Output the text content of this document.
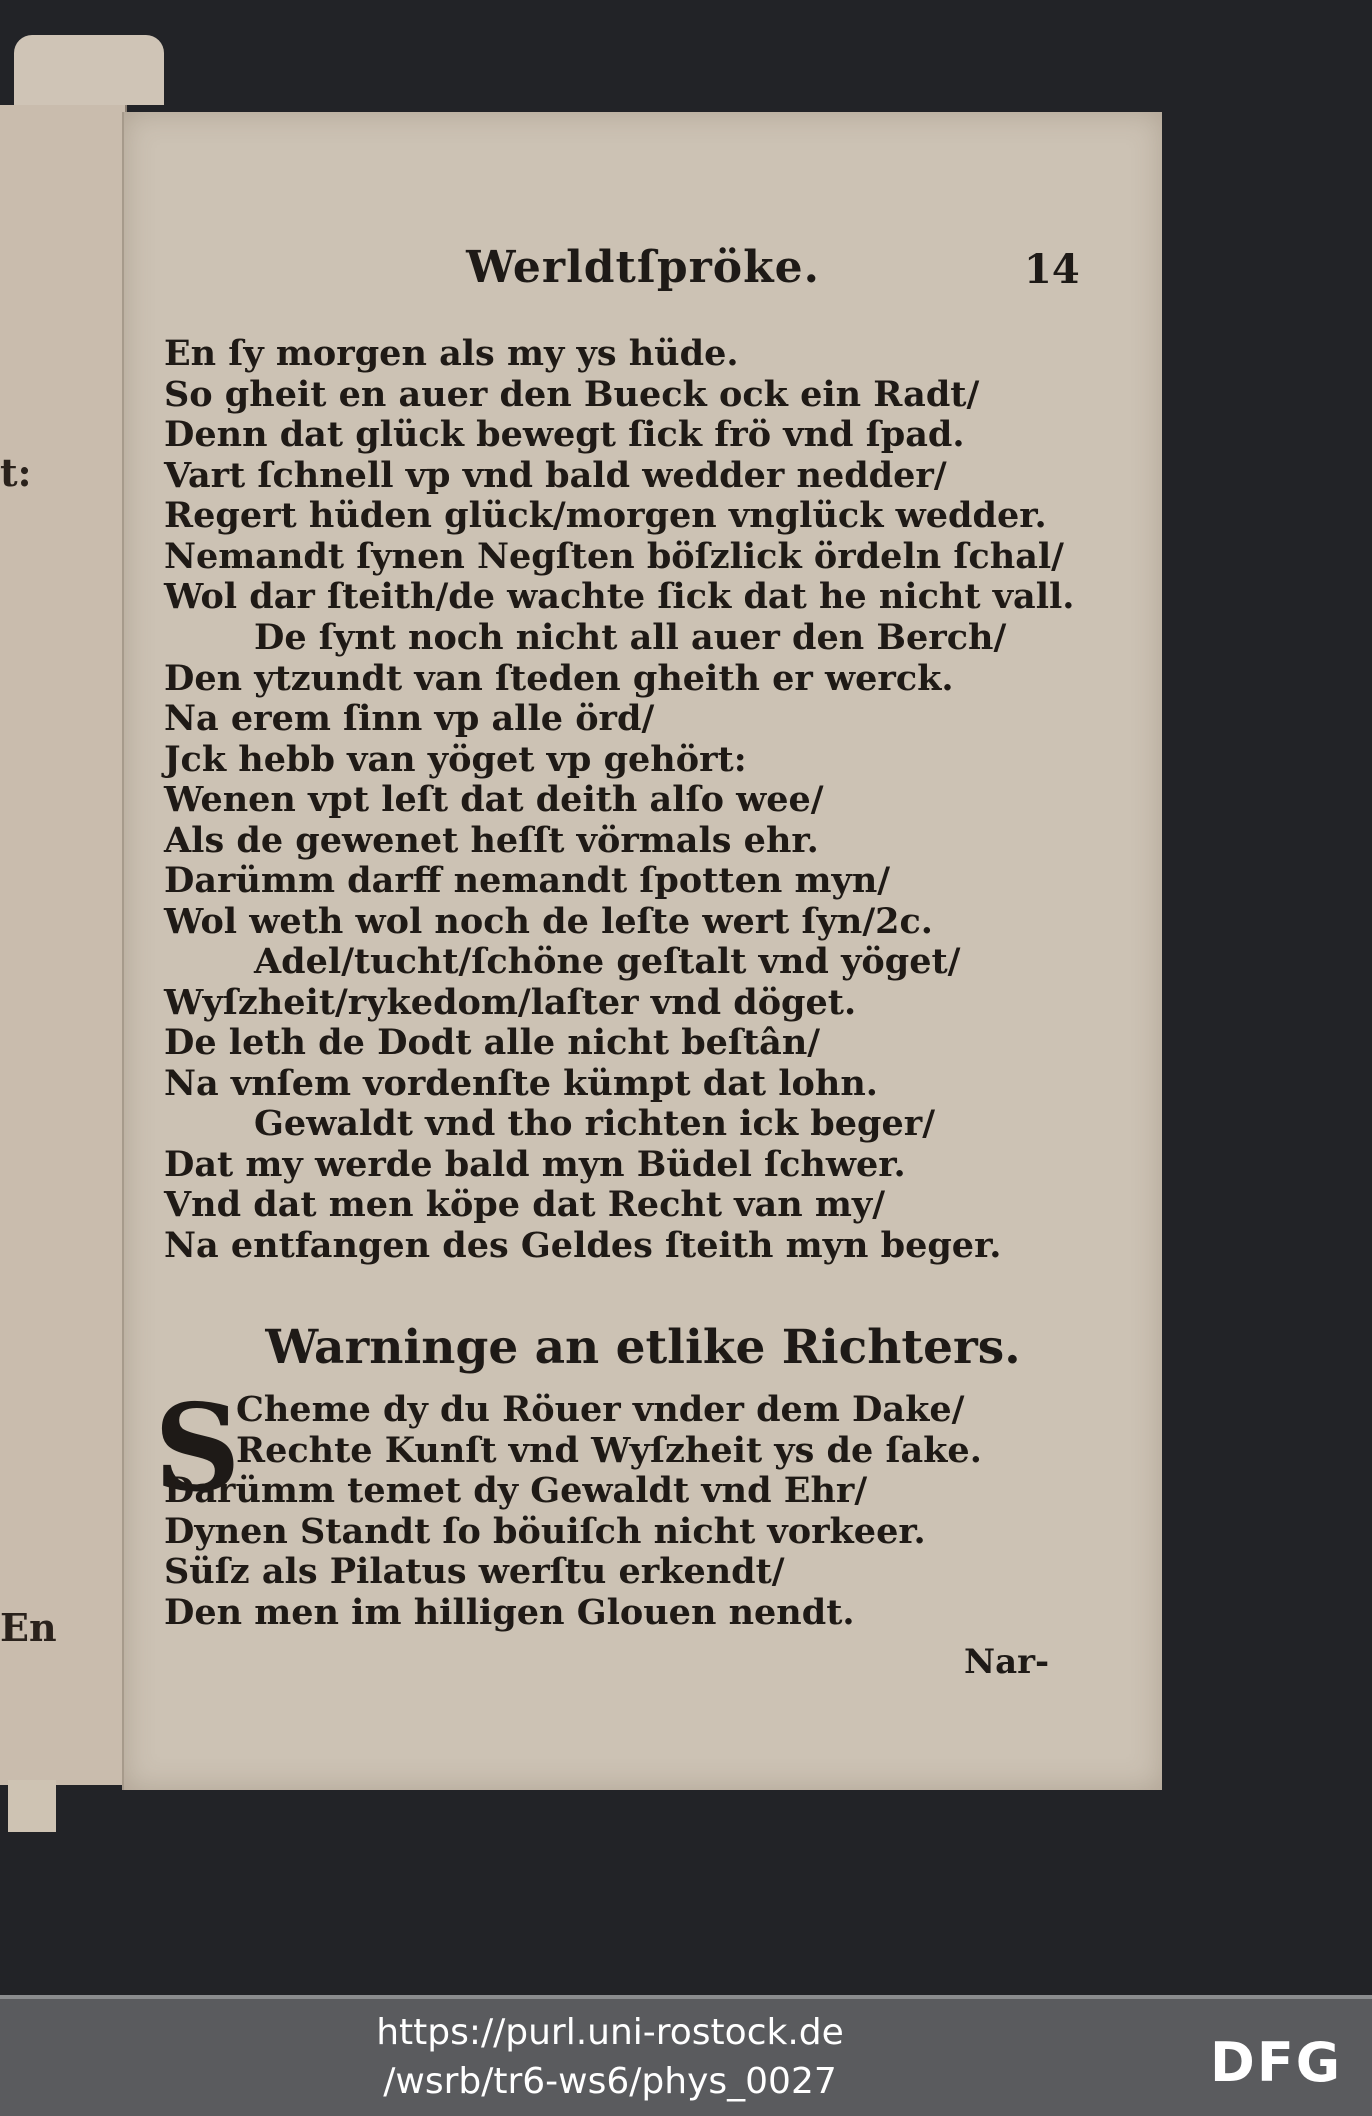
t:
En
Werldtſpröke.	14
En ſy morgen als my ys hüde.
So gheit en auer den Bueck ock ein Radt/
Denn dat glück bewegt ſick frö vnd ſpad.
Vart ſchnell vp vnd bald wedder nedder/
Regert hüden glück/morgen vnglück wedder.
Nemandt ſynen Negſten böſzlick ördeln ſchal/
Wol dar ſteith/de wachte ſick dat he nicht vall.
De ſynt noch nicht all auer den Berch/
Den ytzundt van ſteden gheith er werck.
Na erem ſinn vp alle örd/
Jck hebb van yöget vp gehört:
Wenen vpt leſt dat deith alſo wee/
Als de gewenet heſſt vörmals ehr.
Darümm darff nemandt ſpotten myn/
Wol weth wol noch de leſte wert ſyn/2c.
Adel/tucht/ſchöne geſtalt vnd yöget/
Wyſzheit/rykedom/laſter vnd döget.
De leth de Dodt alle nicht beſtân/
Na vnſem vordenſte kümpt dat lohn.
Gewaldt vnd tho richten ick beger/
Dat my werde bald myn Büdel ſchwer.
Vnd dat men köpe dat Recht van my/
Na entfangen des Geldes ſteith myn beger.
Warninge an etlike Richters.
S
Cheme dy du Röuer vnder dem Dake/
Rechte Kunſt vnd Wyſzheit ys de ſake.
Darümm temet dy Gewaldt vnd Ehr/
Dynen Standt ſo böuiſch nicht vorkeer.
Süſz als Pilatus werſtu erkendt/
Den men im hilligen Glouen nendt.
Nar-
https://purl.uni-rostock.de
/wsrb/tr6-ws6/phys_0027	DFG
